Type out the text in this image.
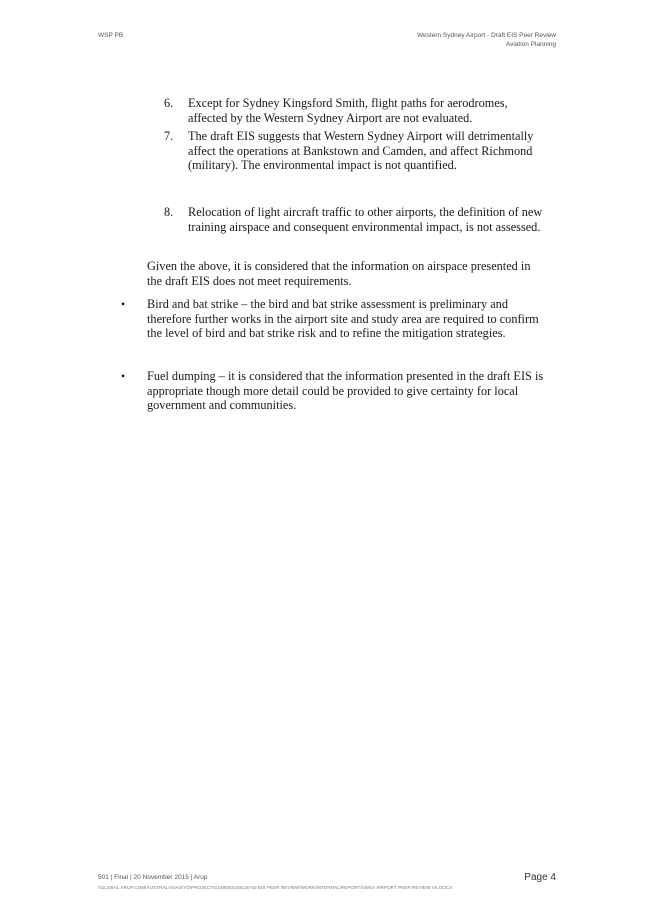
WSP PB	Western Sydney Airport - Draft EIS Peer Review
Aviation Planning
6. Except for Sydney Kingsford Smith, flight paths for aerodromes, affected by the Western Sydney Airport are not evaluated.
7. The draft EIS suggests that Western Sydney Airport will detrimentally affect the operations at Bankstown and Camden, and affect Richmond (military). The environmental impact is not quantified.
8. Relocation of light aircraft traffic to other airports, the definition of new training airspace and consequent environmental impact, is not assessed.
Given the above, it is considered that the information on airspace presented in the draft EIS does not meet requirements.
• Bird and bat strike – the bird and bat strike assessment is preliminary and therefore further works in the airport site and study area are required to confirm the level of bird and bat strike risk and to refine the mitigation strategies.
• Fuel dumping – it is considered that the information presented in the draft EIS is appropriate though more detail could be provided to give certainty for local government and communities.
501 | Final | 20 November 2015 | Arup
\\GLOBAL.ARUP.COM\AUSTRALASIA\SYD\PROJECTS\248000\248130-00 EIS PEER REVIEW\WORK\INTERNAL\REPORTS\WSA AIRPORT PEER REVIEW V4.DOCX
Page 4
